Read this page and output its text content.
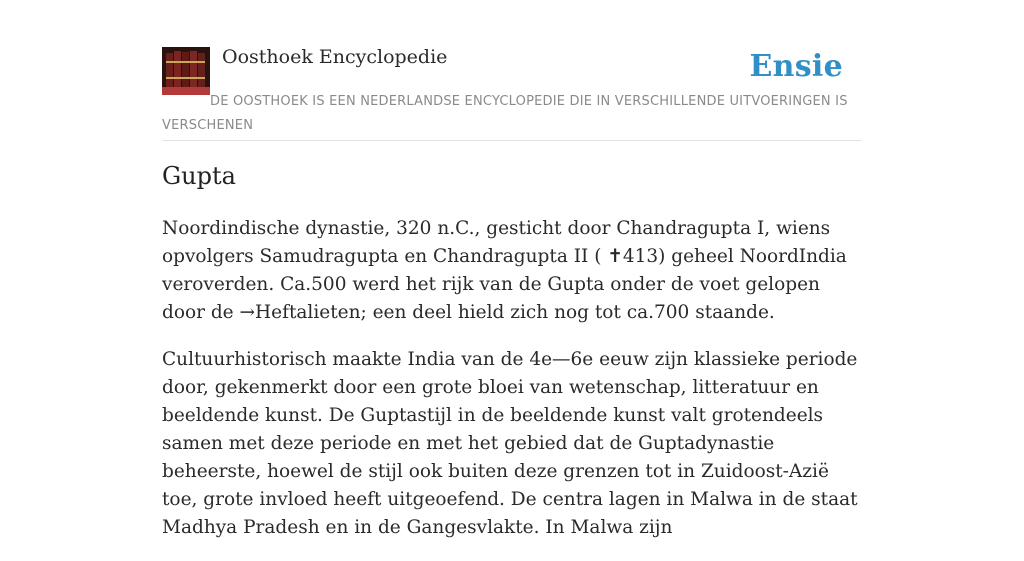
Oosthoek Encyclopedie	Ensie
DE OOSTHOEK IS EEN NEDERLANDSE ENCYCLOPEDIE DIE IN VERSCHILLENDE UITVOERINGEN IS VERSCHENEN
Gupta

Noordindische dynastie, 320 n.C., gesticht door Chandragupta I, wiens opvolgers Samudragupta en Chandragupta II ( ✝413) geheel NoordIndia veroverden. Ca.500 werd het rijk van de Gupta onder de voet gelopen door de →Heftalieten; een deel hield zich nog tot ca.700 staande.

Cultuurhistorisch maakte India van de 4e—6e eeuw zijn klassieke periode door, gekenmerkt door een grote bloei van wetenschap, litteratuur en beeldende kunst. De Guptastijl in de beeldende kunst valt grotendeels samen met deze periode en met het gebied dat de Guptadynastie beheerste, hoewel de stijl ook buiten deze grenzen tot in Zuidoost-Azië toe, grote invloed heeft uitgeoefend. De centra lagen in Malwa in de staat Madhya Pradesh en in de Gangesvlakte. In Malwa zijn
